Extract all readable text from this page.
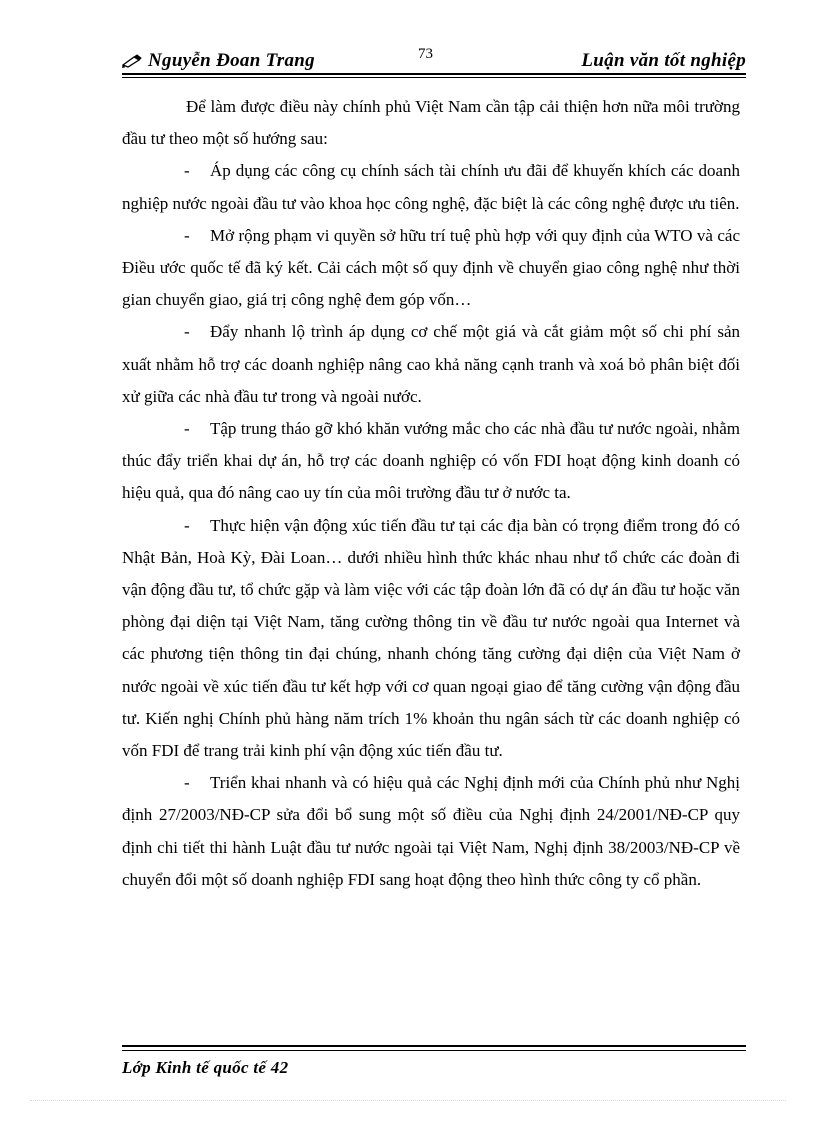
Nguyễn Đoan Trang	73	Luận văn tốt nghiệp

Để làm được điều này chính phủ Việt Nam cần tập cải thiện hơn nữa môi trường đầu tư theo một số hướng sau:

- Áp dụng các công cụ chính sách tài chính ưu đãi để khuyến khích các doanh nghiệp nước ngoài đầu tư vào khoa học công nghệ, đặc biệt là các công nghệ được ưu tiên.

- Mở rộng phạm vi quyền sở hữu trí tuệ phù hợp với quy định của WTO và các Điều ước quốc tế đã ký kết. Cải cách một số quy định về chuyển giao công nghệ như thời gian chuyển giao, giá trị công nghệ đem góp vốn…

- Đẩy nhanh lộ trình áp dụng cơ chế một giá và cắt giảm một số chi phí sản xuất nhằm hỗ trợ các doanh nghiệp nâng cao khả năng cạnh tranh và xoá bỏ phân biệt đối xử giữa các nhà đầu tư trong và ngoài nước.

- Tập trung tháo gỡ khó khăn vướng mắc cho các nhà đầu tư nước ngoài, nhằm thúc đẩy triển khai dự án, hỗ trợ các doanh nghiệp có vốn FDI hoạt động kinh doanh có hiệu quả, qua đó nâng cao uy tín của môi trường đầu tư ở nước ta.

- Thực hiện vận động xúc tiến đầu tư tại các địa bàn có trọng điểm trong đó có Nhật Bản, Hoà Kỳ, Đài Loan… dưới nhiều hình thức khác nhau như tổ chức các đoàn đi vận động đầu tư, tổ chức gặp và làm việc với các tập đoàn lớn đã có dự án đầu tư hoặc văn phòng đại diện tại Việt Nam, tăng cường thông tin về đầu tư nước ngoài qua Internet và các phương tiện thông tin đại chúng, nhanh chóng tăng cường đại diện của Việt Nam ở nước ngoài về xúc tiến đầu tư kết hợp với cơ quan ngoại giao để tăng cường vận động đầu tư. Kiến nghị Chính phủ hàng năm trích 1% khoản thu ngân sách từ các doanh nghiệp có vốn FDI để trang trải kinh phí vận động xúc tiến đầu tư.

- Triển khai nhanh và có hiệu quả các Nghị định mới của Chính phủ như Nghị định 27/2003/NĐ-CP sửa đổi bổ sung một số điều của Nghị định 24/2001/NĐ-CP quy định chi tiết thi hành Luật đầu tư nước ngoài tại Việt Nam, Nghị định 38/2003/NĐ-CP về chuyển đổi một số doanh nghiệp FDI sang hoạt động theo hình thức công ty cổ phần.

Lớp Kinh tế quốc tế 42
